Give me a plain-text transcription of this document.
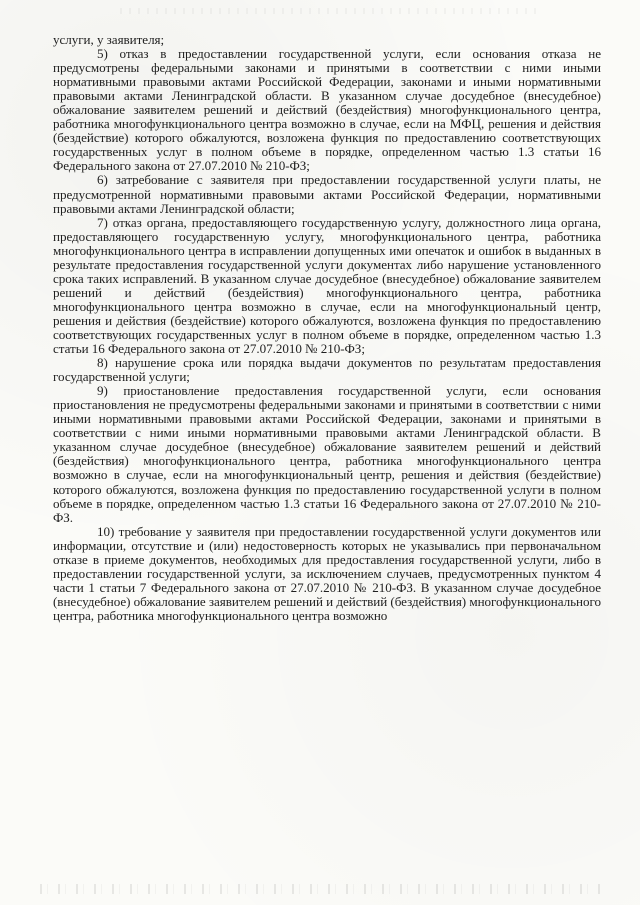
услуги, у заявителя;

5) отказ в предоставлении государственной услуги, если основания отказа не предусмотрены федеральными законами и принятыми в соответствии с ними иными нормативными правовыми актами Российской Федерации, законами и иными нормативными правовыми актами Ленинградской области. В указанном случае досудебное (внесудебное) обжалование заявителем решений и действий (бездействия) многофункционального центра, работника многофункционального центра возможно в случае, если на МФЦ, решения и действия (бездействие) которого обжалуются, возложена функция по предоставлению соответствующих государственных услуг в полном объеме в порядке, определенном частью 1.3 статьи 16 Федерального закона от 27.07.2010 № 210-ФЗ;

6) затребование с заявителя при предоставлении государственной услуги платы, не предусмотренной нормативными правовыми актами Российской Федерации, нормативными правовыми актами Ленинградской области;

7) отказ органа, предоставляющего государственную услугу, должностного лица органа, предоставляющего государственную услугу, многофункционального центра, работника многофункционального центра в исправлении допущенных ими опечаток и ошибок в выданных в результате предоставления государственной услуги документах либо нарушение установленного срока таких исправлений. В указанном случае досудебное (внесудебное) обжалование заявителем решений и действий (бездействия) многофункционального центра, работника многофункционального центра возможно в случае, если на многофункциональный центр, решения и действия (бездействие) которого обжалуются, возложена функция по предоставлению соответствующих государственных услуг в полном объеме в порядке, определенном частью 1.3 статьи 16 Федерального закона от 27.07.2010 № 210-ФЗ;

8) нарушение срока или порядка выдачи документов по результатам предоставления государственной услуги;

9) приостановление предоставления государственной услуги, если основания приостановления не предусмотрены федеральными законами и принятыми в соответствии с ними иными нормативными правовыми актами Российской Федерации, законами и принятыми в соответствии с ними иными нормативными правовыми актами Ленинградской области. В указанном случае досудебное (внесудебное) обжалование заявителем решений и действий (бездействия) многофункционального центра, работника многофункционального центра возможно в случае, если на многофункциональный центр, решения и действия (бездействие) которого обжалуются, возложена функция по предоставлению государственной услуги в полном объеме в порядке, определенном частью 1.3 статьи 16 Федерального закона от 27.07.2010 № 210-ФЗ.

10) требование у заявителя при предоставлении государственной услуги документов или информации, отсутствие и (или) недостоверность которых не указывались при первоначальном отказе в приеме документов, необходимых для предоставления государственной услуги, либо в предоставлении государственной услуги, за исключением случаев, предусмотренных пунктом 4 части 1 статьи 7 Федерального закона от 27.07.2010 № 210-ФЗ. В указанном случае досудебное (внесудебное) обжалование заявителем решений и действий (бездействия) многофункционального центра, работника многофункционального центра возможно
